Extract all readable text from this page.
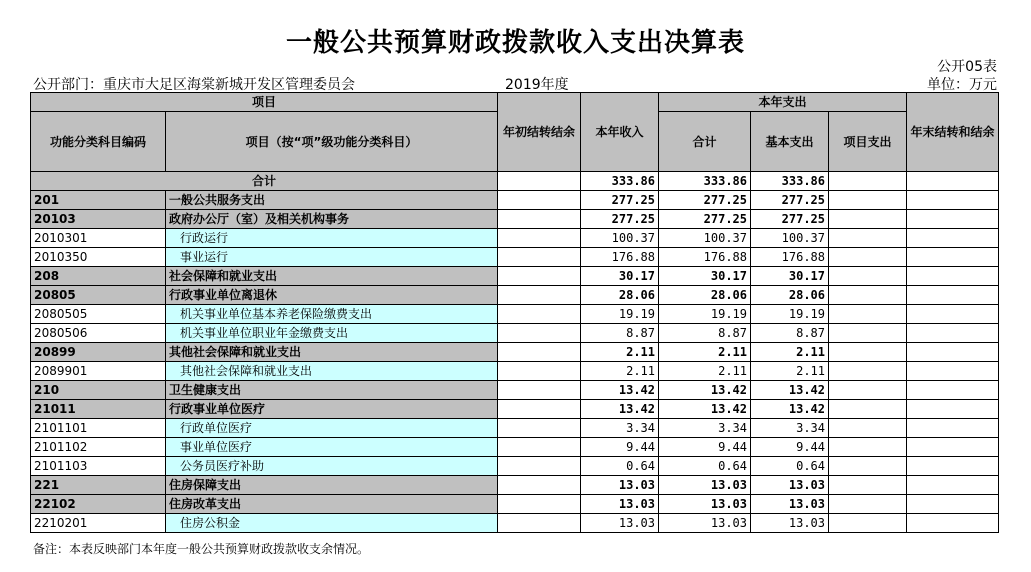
一般公共预算财政拨款收入支出决算表
公开05表
公开部门：重庆市大足区海棠新城开发区管理委员会	2019年度	单位：万元
项目		年初结转结余	本年收入	本年支出			年末结转和结余
功能分类科目编码	项目（按“项”级功能分类科目）			合计	基本支出	项目支出	

合计			333.86	333.86	333.86		
201	一般公共服务支出		277.25	277.25	277.25		
20103	政府办公厅（室）及相关机构事务		277.25	277.25	277.25		
2010301	行政运行		100.37	100.37	100.37		
2010350	事业运行		176.88	176.88	176.88		
208	社会保障和就业支出		30.17	30.17	30.17		
20805	行政事业单位离退休		28.06	28.06	28.06		
2080505	机关事业单位基本养老保险缴费支出		19.19	19.19	19.19		
2080506	机关事业单位职业年金缴费支出		8.87	8.87	8.87		
20899	其他社会保障和就业支出		2.11	2.11	2.11		
2089901	其他社会保障和就业支出		2.11	2.11	2.11		
210	卫生健康支出		13.42	13.42	13.42		
21011	行政事业单位医疗		13.42	13.42	13.42		
2101101	行政单位医疗		3.34	3.34	3.34		
2101102	事业单位医疗		9.44	9.44	9.44		
2101103	公务员医疗补助		0.64	0.64	0.64		
221	住房保障支出		13.03	13.03	13.03		
22102	住房改革支出		13.03	13.03	13.03		
2210201	住房公积金		13.03	13.03	13.03		
备注：本表反映部门本年度一般公共预算财政拨款收支余情况。
